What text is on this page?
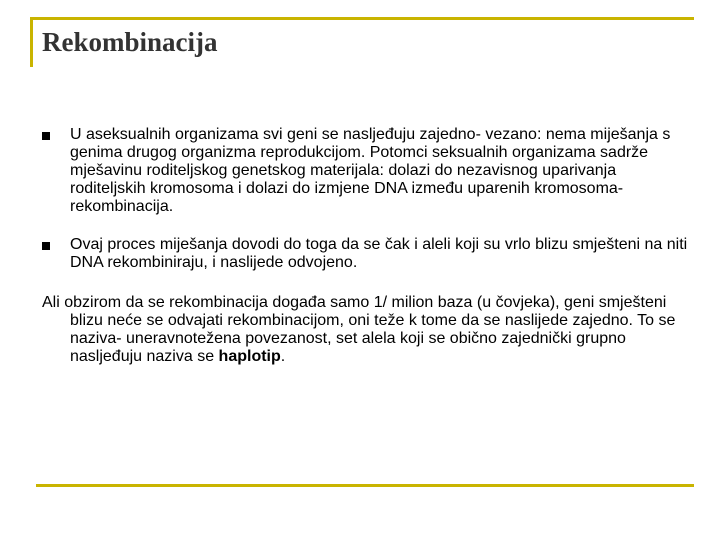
Rekombinacija
U aseksualnih organizama svi geni se nasljeđuju zajedno- vezano: nema miješanja s genima drugog organizma reprodukcijom. Potomci seksualnih organizama sadrže mješavinu roditeljskog genetskog materijala: dolazi do nezavisnog uparivanja roditeljskih kromosoma i dolazi do izmjene DNA između uparenih kromosoma- rekombinacija.
Ovaj proces miješanja dovodi do toga da se čak i aleli koji su vrlo blizu smješteni na niti DNA rekombiniraju, i naslijede odvojeno.

Ali obzirom da se rekombinacija događa samo 1/ milion baza (u čovjeka), geni smješteni blizu neće se odvajati rekombinacijom, oni teže k tome da se naslijede zajedno. To se naziva- uneravnotežena povezanost, set alela koji se obično zajednički grupno nasljeđuju naziva se haplotip.
